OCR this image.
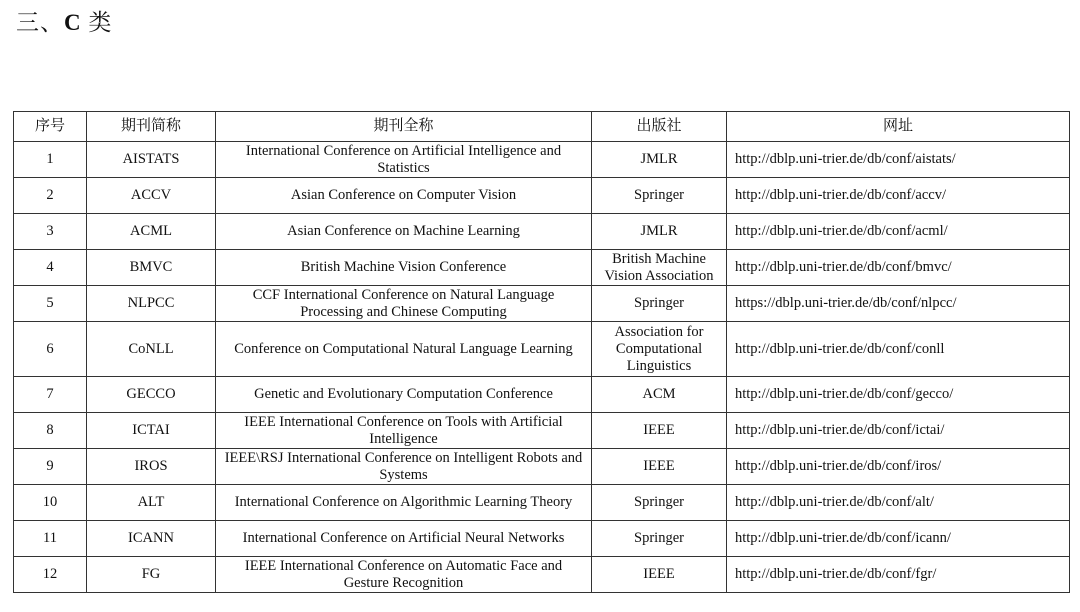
三、C 类
序号	期刊简称	期刊全称	出版社	网址
1	AISTATS	International Conference on Artificial Intelligence and Statistics	JMLR	http://dblp.uni-trier.de/db/conf/aistats/
2	ACCV	Asian Conference on Computer Vision	Springer	http://dblp.uni-trier.de/db/conf/accv/
3	ACML	Asian Conference on Machine Learning	JMLR	http://dblp.uni-trier.de/db/conf/acml/
4	BMVC	British Machine Vision Conference	British Machine Vision Association	http://dblp.uni-trier.de/db/conf/bmvc/
5	NLPCC	CCF International Conference on Natural Language Processing and Chinese Computing	Springer	https://dblp.uni-trier.de/db/conf/nlpcc/
6	CoNLL	Conference on Computational Natural Language Learning	Association for Computational Linguistics	http://dblp.uni-trier.de/db/conf/conll
7	GECCO	Genetic and Evolutionary Computation Conference	ACM	http://dblp.uni-trier.de/db/conf/gecco/
8	ICTAI	IEEE International Conference on Tools with Artificial Intelligence	IEEE	http://dblp.uni-trier.de/db/conf/ictai/
9	IROS	IEEE\RSJ International Conference on Intelligent Robots and Systems	IEEE	http://dblp.uni-trier.de/db/conf/iros/
10	ALT	International Conference on Algorithmic Learning Theory	Springer	http://dblp.uni-trier.de/db/conf/alt/
11	ICANN	International Conference on Artificial Neural Networks	Springer	http://dblp.uni-trier.de/db/conf/icann/
12	FG	IEEE International Conference on Automatic Face and Gesture Recognition	IEEE	http://dblp.uni-trier.de/db/conf/fgr/
